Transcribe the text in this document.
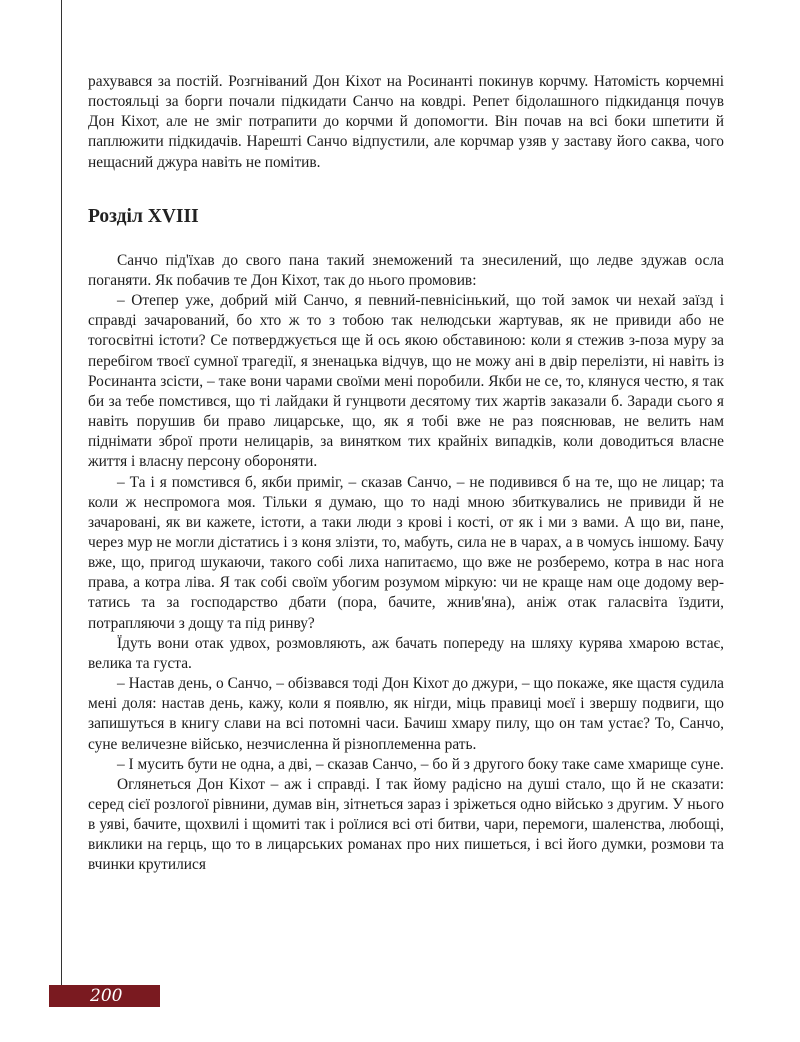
рахувався за постій. Розгніваний Дон Кіхот на Росинанті покинув корчму. Натомість корчемні постояльці за борги почали підкидати Санчо на ковдрі. Репет бідолашного підкиданця почув Дон Кіхот, але не зміг потрапити до корчми й допомогти. Він почав на всі боки шпетити й паплюжити підкидачів. Нарешті Санчо відпустили, але корчмар узяв у заставу його саква, чого нещасний джура навіть не помітив.

Розділ XVIII

Санчо під'їхав до свого пана такий знеможений та знесилений, що ледве здужав осла поганяти. Як побачив те Дон Кіхот, так до нього промовив:

– Отепер уже, добрий мій Санчо, я певний-певнісінький, що той замок чи нехай заїзд і справді зачарований, бо хто ж то з тобою так нелюдськи жартував, як не привиди або не тогосвітні істоти? Се потверджується ще й ось якою обставиною: коли я стежив з-поза муру за перебігом твоєї сумної трагедії, я зненацька відчув, що не можу ані в двір перелізти, ні навіть із Росинанта зсісти, – таке вони чарами своїми мені поробили. Якби не се, то, клянуся честю, я так би за тебе помстився, що ті лайдаки й гунцвоти десятому тих жартів заказали б. Заради сього я навіть порушив би право лицарське, що, як я тобі вже не раз пояснював, не велить нам піднімати зброї проти нелицарів, за винятком тих крайніх випадків, коли доводиться власне життя і власну персону обороняти.

– Та і я помстився б, якби приміг, – сказав Санчо, – не подивився б на те, що не лицар; та коли ж неспромога моя. Тільки я думаю, що то наді мною збиткувались не привиди й не зачаровані, як ви кажете, істоти, а таки люди з крові і кості, от як і ми з вами. А що ви, пане, через мур не могли дістатись і з коня злізти, то, мабуть, сила не в чарах, а в чомусь іншому. Бачу вже, що, пригод шукаючи, такого собі лиха напитаємо, що вже не розберемо, котра в нас нога права, а котра ліва. Я так собі своїм убогим розумом міркую: чи не краще нам оце додому вертатись та за господарство дбати (пора, бачите, жнив'яна), аніж отак галасвіта їздити, потрапляючи з дощу та під ринву?

Їдуть вони отак удвох, розмовляють, аж бачать попереду на шляху курява хмарою встає, велика та густа.

– Настав день, о Санчо, – обізвався тоді Дон Кіхот до джури, – що покаже, яке щастя судила мені доля: настав день, кажу, коли я появлю, як нігди, міць правиці моєї і звершу подвиги, що запишуться в книгу слави на всі потомні часи. Бачиш хмару пилу, що он там устає? То, Санчо, суне величезне військо, незчисленна й різноплеменна рать.

– І мусить бути не одна, а дві, – сказав Санчо, – бо й з другого боку таке саме хмарище суне.

Оглянеться Дон Кіхот – аж і справді. І так йому радісно на душі стало, що й не сказати: серед сієї розлогої рівнини, думав він, зітнеться зараз і зріжеться одно військо з другим. У нього в уяві, бачите, щохвилі і щомиті так і роїлися всі оті битви, чари, перемоги, шаленства, любощі, виклики на герць, що то в лицарських романах про них пишеться, і всі його думки, розмови та вчинки крутилися

200
